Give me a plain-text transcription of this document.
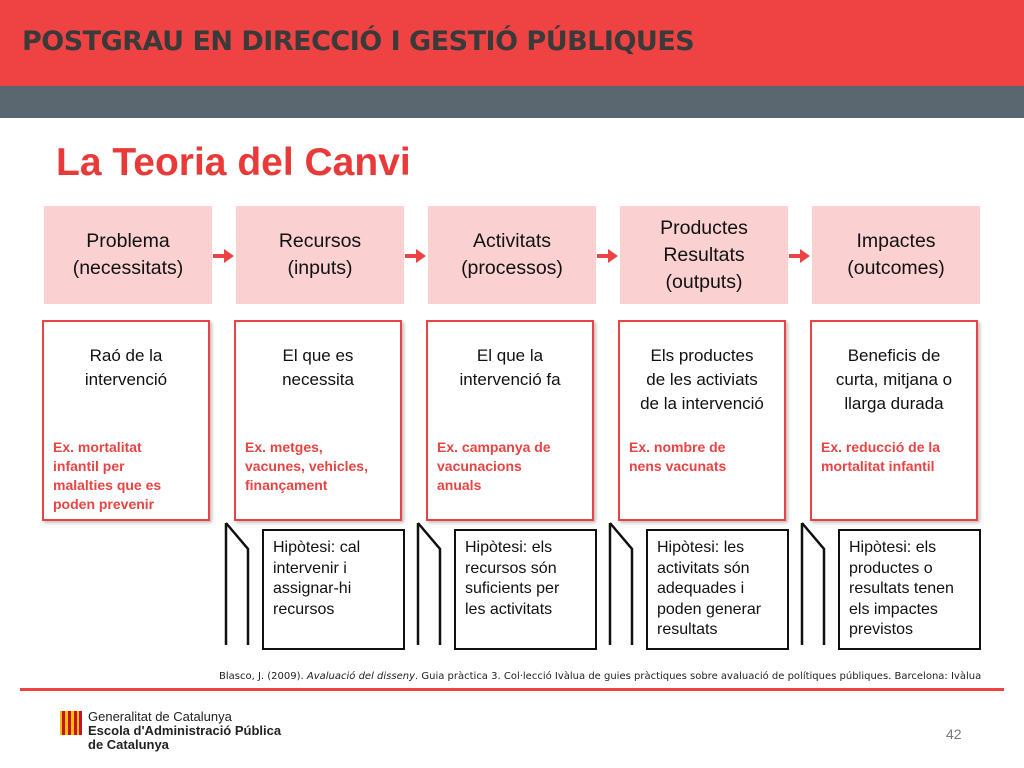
POSTGRAU EN DIRECCIÓ I GESTIÓ PÚBLIQUES
La Teoria del Canvi
Problema
(necessitats)
Recursos
(inputs)
Activitats
(processos)
Productes
Resultats
(outputs)
Impactes
(outcomes)
Raó de la
intervenció
Ex. mortalitat
infantil per
malalties que es
poden prevenir
El que es
necessita
Ex. metges,
vacunes, vehicles,
finançament
El que la
intervenció fa
Ex. campanya de
vacunacions
anuals
Els productes
de les activiats
de la intervenció
Ex. nombre de
nens vacunats
Beneficis de
curta, mitjana o
llarga durada
Ex. reducció de la
mortalitat infantil
Hipòtesi: cal
intervenir i
assignar-hi
recursos
Hipòtesi: els
recursos són
suficients per
les activitats
Hipòtesi: les
activitats són
adequades i
poden generar
resultats
Hipòtesi: els
productes o
resultats tenen
els impactes
previstos
Blasco, J. (2009). Avaluació del disseny. Guia pràctica 3. Col·lecció Ivàlua de guies pràctiques sobre avaluació de polítiques públiques. Barcelona: Ivàlua
Generalitat de Catalunya
Escola d'Administració Pública
de Catalunya
42
